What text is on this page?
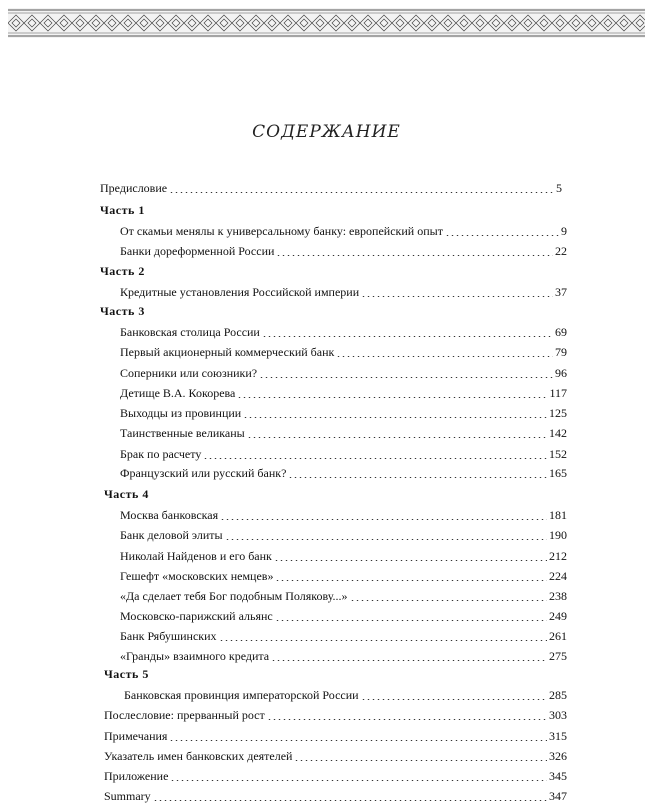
СОДЕРЖАНИЕ
Предисловие	5
Часть 1
От скамьи менялы к универсальному банку: европейский опыт	9
Банки дореформенной России	22
Часть 2
Кредитные установления Российской империи	37
Часть 3
Банковская столица России	69
Первый акционерный коммерческий банк	79
Соперники или союзники?	96
Детище В.А. Кокорева	117
Выходцы из провинции	125
Таинственные великаны	142
Брак по расчету	152
Французский или русский банк?	165
Часть 4
Москва банковская	181
Банк деловой элиты	190
Николай Найденов и его банк	212
Гешефт «московских немцев»	224
«Да сделает тебя Бог подобным Полякову...»	238
Московско-парижский альянс	249
Банк Рябушинских	261
«Гранды» взаимного кредита	275
Часть 5
Банковская провинция императорской России	285
Послесловие: прерванный рост	303
Примечания	315
Указатель имен банковских деятелей	326
Приложение	345
Summary	347
